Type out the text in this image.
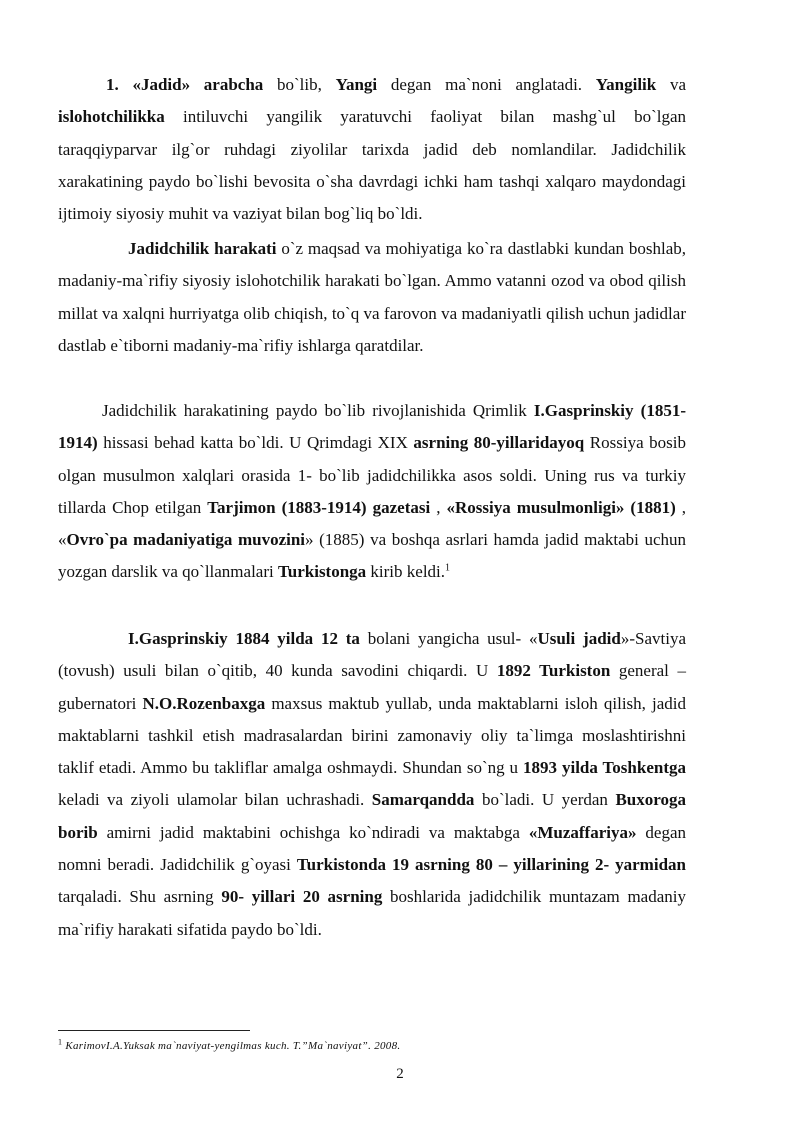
1. «Jadid» arabcha bo`lib, Yangi degan ma`noni anglatadi. Yangilik va islohotchilikka intiluvchi yangilik yaratuvchi faoliyat bilan mashg`ul bo`lgan taraqqiyparvar ilg`or ruhdagi ziyolilar tarixda jadid deb nomlandilar. Jadidchilik xarakatining paydo bo`lishi bevosita o`sha davrdagi ichki ham tashqi xalqaro maydondagi ijtimoiy siyosiy muhit va vaziyat bilan bog`liq bo`ldi.

Jadidchilik harakati o`z maqsad va mohiyatiga ko`ra dastlabki kundan boshlab, madaniy-ma`rifiy siyosiy islohotchilik harakati bo`lgan. Ammo vatanni ozod va obod qilish millat va xalqni hurriyatga olib chiqish, to`q va farovon va madaniyatli qilish uchun jadidlar dastlab e`tiborni madaniy-ma`rifiy ishlarga qaratdilar.

Jadidchilik harakatining paydo bo`lib rivojlanishida Qrimlik I.Gasprinskiy (1851-1914) hissasi behad katta bo`ldi. U Qrimdagi XIX asrning 80-yillaridayoq Rossiya bosib olgan musulmon xalqlari orasida 1- bo`lib jadidchilikka asos soldi. Uning rus va turkiy tillarda Chop etilgan Tarjimon (1883-1914) gazetasi , «Rossiya musulmonligi» (1881) , «Ovro`pa madaniyatiga muvozini» (1885) va boshqa asrlari hamda jadid maktabi uchun yozgan darslik va qo`llanmalari Turkistonga kirib keldi.$^1$

I.Gasprinskiy 1884 yilda 12 ta bolani yangicha usul- «Usuli jadid»-Savtiya (tovush) usuli bilan o`qitib, 40 kunda savodini chiqardi. U 1892 Turkiston general –gubernatori N.O.Rozenbaxga maxsus maktub yullab, unda maktablarni isloh qilish, jadid maktablarni tashkil etish madrasalardan birini zamonaviy oliy ta`limga moslashtirishni taklif etadi. Ammo bu takliflar amalga oshmaydi. Shundan so`ng u 1893 yilda Toshkentga keladi va ziyoli ulamolar bilan uchrashadi. Samarqandda bo`ladi. U yerdan Buxoroga borib amirni jadid maktabini ochishga ko`ndiradi va maktabga «Muzaffariya» degan nomni beradi. Jadidchilik g`oyasi Turkistonda 19 asrning 80 – yillarining 2- yarmidan tarqaladi. Shu asrning 90- yillari 20 asrning boshlarida jadidchilik muntazam madaniy ma`rifiy harakati sifatida paydo bo`ldi.

$^1$ KarimovI.A.Yuksak ma`naviyat-yengilmas kuch. T.”Ma`naviyat”. 2008.
2
